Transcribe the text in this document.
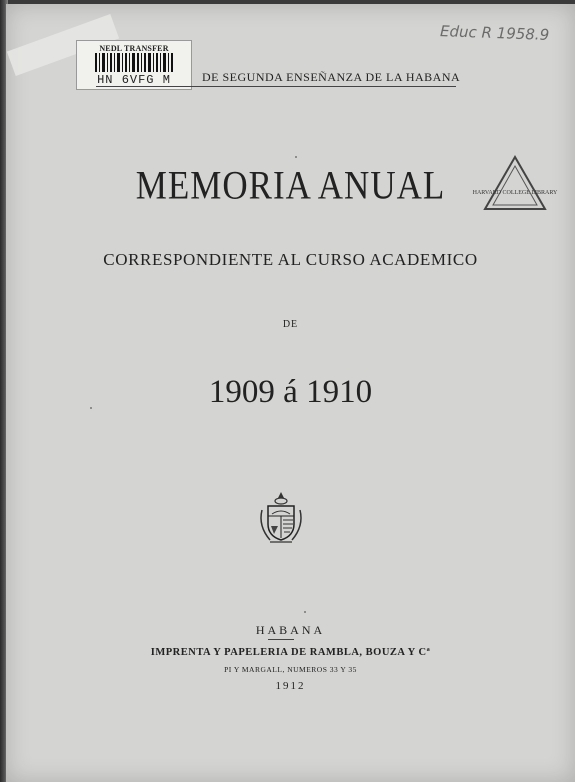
NEDL TRANSFER
HN 6VFG M
Educ R 1958.9
DE SEGUNDA ENSEÑANZA DE LA HABANA
HARVARD COLLEGE LIBRARY
MEMORIA ANUAL
CORRESPONDIENTE AL CURSO ACADEMICO
DE
1909 á 1910
HABANA
IMPRENTA Y PAPELERIA DE RAMBLA, BOUZA Y Cª
PI Y MARGALL, NUMEROS 33 Y 35
1912
